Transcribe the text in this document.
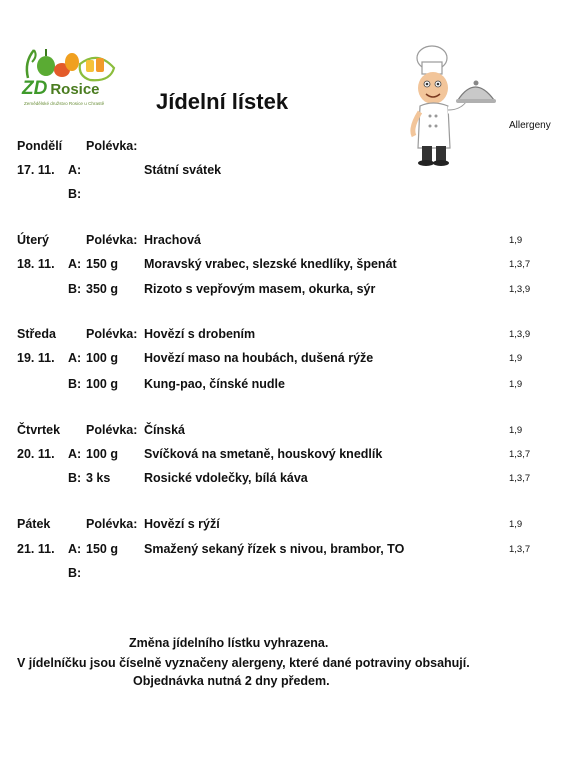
ZD Rosice
Zemědělské družstvo Rosice u Chrastě Jídelní lístek
Allergeny
Pondělí Polévka:
17. 11. A:	Státní svátek
B:
Úterý	Polévka: Hrachová	1,9
18. 11. A: 150 g Moravský vrabec, slezské knedlíky, špenát	1,3,7
B: 350 g Rizoto s vepřovým masem, okurka, sýr	1,3,9
Středa Polévka: Hovězí s drobením	1,3,9
19. 11. A: 100 g Hovězí maso na houbách, dušená rýže	1,9
B: 100 g Kung-pao, čínské nudle	1,9
Čtvrtek Polévka: Čínská	1,9
20. 11. A: 100 g Svíčková na smetaně, houskový knedlík	1,3,7
B: 3 ks	Rosické vdolečky, bílá káva	1,3,7
Pátek	Polévka: Hovězí s rýží	1,9
21. 11. A: 150 g Smažený sekaný řízek s nivou, brambor, TO	1,3,7
B:
Změna jídelního lístku vyhrazena.
V jídelníčku jsou číselně vyznačeny alergeny, které dané potraviny obsahují.
Objednávka nutná 2 dny předem.
